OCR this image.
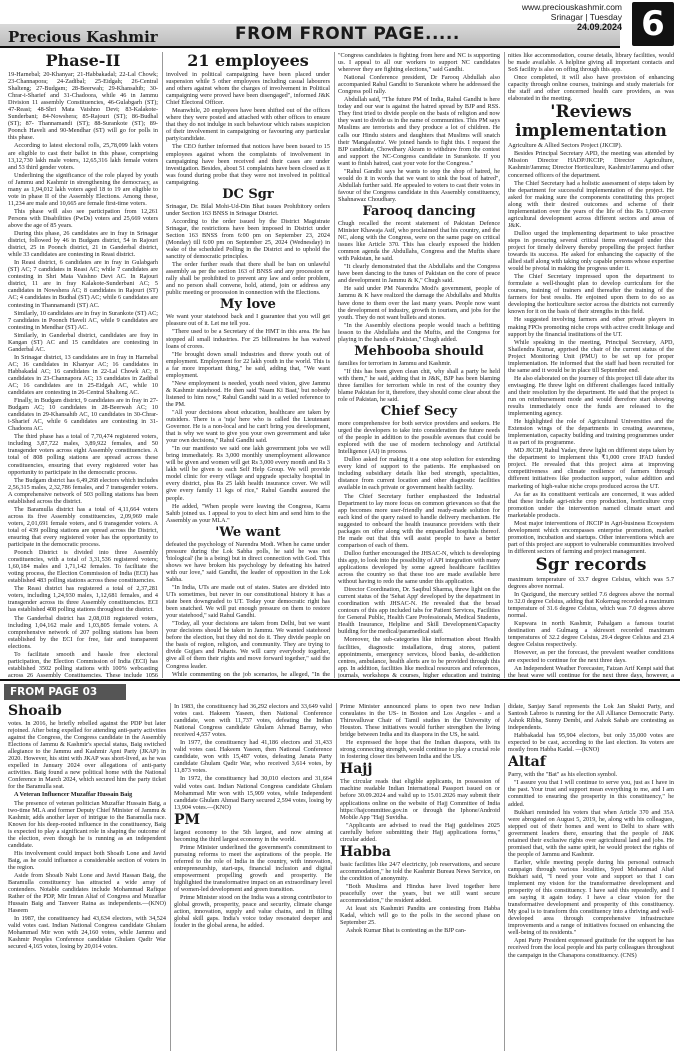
Precious Kashmir	FROM FRONT PAGE.....
www.preciouskashmir.com
Srinagar | Tuesday
24.09.2024 6

Phase-II

19-Harnebal; 20-Khanyar; 21-Habbakadal; 22-Lal Chowk; 23-Channapora; 24-Zadibal; 25-Eidgah; 26-Central Shalteng; 27-Budgam; 28-Beerwah; 29-Khansahib; 30-Chrar-i-Sharief and 31-Chadoora, while 46 in Jammu Division 11 assembly Constituencies, 46-Gulabgarh (ST); 47-Reasi; 48-Shri Mata Vaishno Devi; 83-Kalakote- Sunderbani; 84-Nowshera; 85-Rajouri (ST); 86-Budhal (ST); 87- Thannamandi (ST); 88-Surankote (ST); 89-Poonch Haveli and 90-Mendhar (ST) will go for polls in this phase.

According to latest electoral rolls, 25,78,099 lakh voters are eligible to cast their ballot in this phase, comprising 13,12,730 lakh male voters, 12,65,316 lakh female voters and 53 third gender voters.

Underlining the significance of the role played by youth of Jammu and Kashmir in strengthening the democracy, as many as 1,94,012 lakh voters aged 18 to 19 are eligible to vote in phase II of the Assembly Elections. Among these, 11,234 are male and 10,665 are female first-time voters.

This phase will also see participation from 12,261 Persons with Disabilities (PwDs) voters and 25,669 voters above the age of 85 years.

During this phase, 26 candidates are in fray in Srinagar district, followed by 46 in Budgam district, 54 in Rajouri district, 25 in Poonch district, 21 in Ganderbal district, while 33 candidates are contesting in Reasi district.

In Reasi district, 6 candidates are in fray in Gulabgarh (ST) AC; 7 candidates in Reasi AC; while 7 candidates are contesting in Shri Mata Vaishno Devi AC. In Rajouri district, 11 are in fray Kalakote-Sunderbani AC; 5 candidates in Nowshera AC; 8 candidates in Rajouri (ST) AC; 4 candidates in Budhal (ST) AC; while 6 candidates are contesting in Thannamandi (ST) AC.

Similarly, 10 candidates are in fray in Surankote (ST) AC; 7 candidates in Poonch Haveli AC, while 9 candidates are contesting in Mendhar (ST) AC.

Similarly, in Ganderbal district, candidates are fray in Kangan (ST) AC and 15 candidates are contesting in Ganderbal AC.

In Srinagar district, 13 candidates are in fray in Harnebal AC; 16 candidates in Khanyar AC; 16 candidates in Habbakadal AC; 16 candidates in 22-Lal Chowk AC; 8 candidates in 23-Channapora AC; 13 candidates in Zadibal AC; 16 candidates are in 25-Eidgah AC, while 10 candidates are contesting in 26-Central Shalteng AC.

Finally, in Budgam district, 9 candidates are in fray in 27-Budgam AC; 10 candidates in 28-Beerwah AC; 10 candidates in 29-Khansahib AC, 10 candidates in 30-Chrar-i-Sharief AC, while 6 candidates are contesting in 31-Chadoora AC.

The third phase has a total of 7,70,474 registered voters, including 3,87,722 males, 3,89,922 females, and 50 transgender voters across eight Assembly constituencies. A total of 808 polling stations are spread across these constituencies, ensuring that every registered voter has opportunity to participate in the democratic process.

The Budgam district has 6,49,268 electors which includes 2,56,315 males, 2,32,786 females, and 7 transgender voters. A comprehensive network of 503 polling stations has been established across the district.

The Baramulla district has a total of 4,11,664 voters across its five Assembly constituencies, 2,09,969 male voters, 2,01,691 female voters, and 6 transgender voters. A total of 439 polling stations are spread across the District, ensuring that every registered voter has the opportunity to participate in the democratic process.

Poonch District is divided into three Assembly constituencies, with a total of 3,31,536 registered voters; 1,60,184 males and 1,71,142 females. To facilitate the voting process, the Election Commission of India (ECI) has established 483 polling stations across these constituencies.

The Reasi district has registered a total of 2,37,281 voters, including 1,24,930 males, 1,12,681 females, and 4 transgender across its three Assembly constituencies. ECI has established 408 polling stations throughout the district.

The Ganderbal district has 2,08,018 registered voters, including 1,04,162 male and 1,03,805 female voters. A comprehensive network of 207 polling stations has been established by the ECI for free, fair and transparent elections.

To facilitate smooth and hassle free electoral participation, the Election Commission of India (ECI) has established 3502 polling stations with 100% webcasting across 26 Assembly Constituencies. These include 1056

21 employees

involved in political campaigning have been placed under suspension while 5 other employees including casual labourers and others against whom the charges of involvement in Political campaigning were proved have been disengaged", informed J&K Chief Electoral Officer.

Meanwhile, 20 employees have been shifted out of the offices where they were posted and attached with other offices to ensure that they do not indulge in such behaviour which raises suspicion of their involvement in campaigning or favouring any particular party/candidate.

The CEO further informed that notices have been issued to 15 employees against whom the complaints of involvement in campaigning have been received and their cases are under investigation. Besides, about 51 complaints have been closed as it was found during probe that they were not involved in political campaigning.

DC Sgr

Srinagar, Dr. Bilal Mohi-Ud-Din Bhat issues Prohibitory orders under Section 163 BNSS in Srinagar District.

According to the order issued by the District Magistrate Srinagar, the restrictions have been imposed in District under Section 163 BNSS from 6:00 pm on September 23, 2024 (Monday) till 6:00 pm on September 25, 2024 (Wednesday) in wake of the scheduled Polling in the District and to uphold the sanctity of democratic principles.

The order further reads that there shall be ban on unlawful assembly as per the section 163 of BNSS and any procession or rally shall be prohibited to prevent any law and order problem, and no person shall convene, hold, attend, join or address any public meeting or procession in connection with the Elections.

My love

We want your statehood back and I guarantee that you will get pleasure out of it. Let me tell you.

"There used to be a Secretary of the HMT in this area. He has stopped all small industries. For 25 billionaires he has waived loans of crores.

"He brought down small industries and threw youth out of employment. Employment for 22 lakh youth in the world. This is a far more important thing," he said, adding that, "We want employment.

"New employment is needed, youth need vision, give Jammu & Kashmir statehood. He then said 'Naam Ki Baat,' but nobody listened to him now," Rahul Gandhi said in a veiled reference to the PM.

"All your decisions about education, healthcare are taken by outsiders. There is a 'raja' here who is called the Lieutenant Governor. He is a non-local and he can't bring you development, that is why we want to give you your own government and take your own decisions," Rahul Gandhi said.

"In our manifesto we said one lakh government jobs we will bring immediately. Rs 3,000 monthly unemployment allowance will be given and women will get Rs 3,000 every month and Rs 3 lakh will be given to each Self Help Group. We will provide model clinic for every village and upgrade specialty hospital in every district, plus Rs 25 lakh health insurance cover. We will give every family 11 kgs of rice," Rahul Gandhi assured the people.

He added, "When people were leaving the Congress, Karra Sahib joined us. I appeal to you to elect him and send him to the Assembly as your MLA."

'We want

defeated the psychology of Narendra Modi. When he came under pressure during the Lok Sabha polls, he said he was not 'biological' (he is a being) but in direct connection with God. This shows we have broken his psychology by defeating his hatred with our love," said Gandhi, the leader of opposition in the Lok Sabha.

"In India, UTs are made out of states. States are divided into UTs sometimes, but never in our constitutional history it has a state been downgraded to UT. Today your democratic right has been snatched. We will put enough pressure on them to restore your statehood," said Rahul Gandhi.

"Today, all your decisions are taken from Delhi, but we want your decisions should be taken in Jammu. We wanted statehood before the election, but they did not do it. They divide people on the basis of region, religion, and community. They are trying to divide Gujjars and Paharis. We will carry everybody together, give all of them their rights and move forward together," said the Congress leader.

While commenting on the job scenarios, he alleged, "In the

"Congress candidates is fighting from here and NC is supporting us. I appeal to all our workers to support NC candidates wherever they are fighting elections," said Gandhi.

National Conference president, Dr Farooq Abdullah also accompanied Rahul Gandhi to Surankote where he addressed the Congress poll rally.

Abdullah said, "The future PM of India, Rahul Gandhi is here today and our war is against the hatred spread by BJP and RSS. They first tried to divide people on the basis of religion and now they want to divide us in the name of communities. This PM says Muslims are terrorists and they produce a lot of children. He calls our Hindu sisters and daughters that Muslims will snatch their 'Mangalsutra'. We joined hands to fight this. I request the BJP candidate, Chowdhary Akram to withdraw from the contest and support the NC-Congress candidate in Surankote. If you want to finish hatred, cast your vote for the Congress."

"Rahul Gandhi says he wants to stop the shop of hatred, he would do it in words that we want to sink the boat of hatred", Abdullah further said. He appealed to voters to cast their votes in favour of the Congress candidate in this Assembly constituency, Shahnawaz Choudhary.

Farooq dancing

Chugh recalled the recent statement of Pakistan Defence Minister Khawaja Asif, who proclaimed that his country, and the NC, along with the Congress, were on the same page on critical issues like Article 370. This has clearly exposed the hidden common agenda the Abdullahs, Congress and the Muftis share with Pakistan, he said.

"It clearly demonstrated that the Abdullahs and the Congress have been dancing to the tunes of Pakistan on the core of peace and development in Jammu & K," Chugh said.

He said under PM Narendra Modi's government, people of Jammu & K have realized the damage the Abdullahs and Muftis have done to them over the last many years. People now want the development of industry, growth in tourism, and jobs for the youth. They do not want bullets and stones.

"In the Assembly elections people would teach a befitting lesson to the Abdullahs and the Muftis, and the Congress for playing in the hands of Pakistan," Chugh added.

Mehbooba should

families for terrorism in Jammu and Kashmir.

"If this has been given clean chit, why shall a party be held with them," he said, adding that in J&K, BJP has been blaming three families for terrorism while in rest of the country they blame Pakistan for it, therefore, they should come clear about the role of Pakistan, he said.

Chief Secy

more comprehensive for both service providers and seekers. He urged the developers to take into consideration the future needs of the people in addition to the possible avenues that could be explored with the use of modern technology and Artificial Intelligence (AI) in process.

Dulloo asked for making it a one stop solution for extending every kind of support to the patients. He emphasised on including subsidiary details like bed strength, specialities, distance from current location and other diagnostic facilities available in each private or government health facility.

The Chief Secretary further emphasized the Industrial Department to lay more focus on common grievances so that the app becomes more user-friendly and ready-made solution for each kind of the query raised to handle delivery mechanism. He suggested to onboard the health insurance providers with their packages on offer along with the empanelled hospitals thereof. He made out that this will assist people to have a better comparison of each of them.

Dulloo further encouraged the JHSAC-N, which is developing this app, to look into the possibility of API integration with many applications developed by some agreed healthcare facilities across the country so that these too are made available here without having to redo the same under this application.

Director Coordination, Dr. Saqibul Sharma, threw light on the current status of the 'Sehat App' developed by the department in coordination with JHSAC-N. He revealed that the broad contours of this app included tabs for Patient Services, Facilities for General Public, Health Care Professionals, Medical Students, Health Insurance, Helpline and Skill Development/Capacity building for the medical/paramedical staff.

Moreover, the sub-categories like information about Health facilities, diagnostic installations, drug stores, patient appointments, emergency services, blood banks, de-addiction centres, ambulance, health alerts are to be provided through this app. In addition, facilities like medical resources and references, journals, workshops & courses, higher education and training

nities like accommodation, course details, library facilities, would be made available. A helpline giving all important contacts and SoS facility is also on offing through this app.

Once completed, it will also have provision of enhancing capacity through online courses, trainings and study materials for the staff and other concerned health care providers, as was elaborated in the meeting.

'Reviews implementation

Agriculture & Allied Sectors Project (JKCIP).

Besides Principal Secretary APD, the meeting was attended by Mission Director HADP/JKCIP; Director Agriculture, Kashmir/Jammu; Director Horticulture, Kashmir/Jammu and other concerned officers of the department.

The Chief Secretary had a holistic assessment of steps taken by the department for successful implementation of the project. He asked for making sure the components constituting this project along with their desired outcomes and scheme of their implementation over the years of the life of this Rs 1,000-crore agricultural development across different sectors and areas of J&K.

Dulloo urged the implementing department to take proactive steps in procuring several critical items envisaged under this project for timely delivery thereby propelling the project further towards its success. He asked for enhancing the capacity of the allied staff along with taking only capable persons whose expertise would be pivotal in making the progress under it.

The Chief Secretary impressed upon the department to formulate a well-thought plan to develop curriculum for the courses, training of trainers and thereafter the training of the farmers for best results. He enjoined upon them to do so as developing the horticulture sector across the districts not currently known for it on the basis of their strengths in this field.

He suggested involving farmers and other private players in making FPOs promoting niche crops with active credit linkage and support by the financial institutions of the UT.

While speaking in the meeting, Principal Secretary, APD, Shailendra Kumar, apprised the chair of the current status of the Project Monitoring Unit (PMU) to be set up for proper implementation. He informed that the staff had been recruited for the same and it would be in place till September end.

He also elaborated on the journey of this project till date after its envisaging. He threw light on different challenges faced initially and their resolution by the department. He said that the project is run on reimbursement mode and would therefore start showing results immediately once the funds are released to the implementing agency.

He highlighted the role of Agricultural Universities and the Extension wings of the departments in creating awareness, implementation, capacity building and training programmes under it as part of its programme.

MD JKCIP, Rahul Yadav, threw light on different steps taken by the department to implement this ₹1,000 crore IFAD funded project. He revealed that this project aims at improving competitiveness and climate resilience of farmers through different initiatives like production support, value addition and marketing of high-value niche crops produced across the UT.

As far as its constituent verticals are concerned, it was added that these include agri-niche crop production, horticulture crop promotion under the intervention named climate smart and marketable products.

Most major interventions of JKCIP in Agri-business Ecosystem development which encompasses enterprise promotion, market promotion, incubation and startups. Other interventions which are part of this project are support to vulnerable communities involved in different sectors of farming and project management.

Sgr records

maximum temperature of 33.7 degree Celsius, which was 5.7 degrees above normal.

In Qazigund, the mercury settled 7.6 degrees above the normal to 32.0 degree Celsius, adding that Kokernag recorded a maximum temperature of 31.6 degree Celsius, which was 7.0 degrees above normal.

Kupwara in north Kashmir, Pahalgam a famous tourist destination and Gulmarg a skiresort recorded maximum temperatures of 32.2 degree Celsius, 29.4 degree Celsius and 23.4 degree Celsius respectively.

However, as per the forecast, the prevalent weather conditions are expected to continue for the next three days.

An Independent Weather Forecaster, Faizan Arif Kenpi said that the heat wave will continue for the next three days, however, a

FROM PAGE 03

Shoaib

votes. In 2016, he briefly rebelled against the PDP but later rejoined. After being expelled for attending anti-party activities against the Congress, the Congress candidate in the Assembly Elections of Jammu & Kashmir's special status, Baig switched allegiance to the Jammu and Kashmir Apni Party (JKAP) in 2020. However, his stint with JKAP was short-lived, as he was expelled in January 2024 over allegations of anti-party activities. Baig found a new political home with the National Conference in March 2024, which secured him the party ticket for the Baramulla seat.

A Veteran Influencer Muzaffar Hussain Baig

The presence of veteran politician Muzaffar Hussain Baig, a two-time MLA and former Deputy Chief Minister of Jammu & Kashmir, adds another layer of intrigue to the Baramulla race. Known for his deep-rooted influence in the constituency, Baig is expected to play a significant role in shaping the outcome of the election, even though he is running as an independent candidate.

His involvement could impact both Shoaib Lone and Javid Baig, as he could influence a considerable section of voters in the region.

Aside from Shoaib Nabi Lone and Javid Hassan Baig, the Baramulla constituency has attracted a wide array of contenders. Notable candidates include Mohammad Rafique Rather of the PDP, Mir Imran Altaf of Congress and Muzaffar Hussain Baig and Tanveer Raina as independents.—(KNO) Haseem

In 1987, the constituency had 43,634 electors, with 34,524 valid votes cast. Indian National Congress candidate Ghulam Mohammad Mir won with 24,160 votes, while Jammu and Kashmir Peoples Conference candidate Ghulam Qadir War secured 4,165 votes, losing by 20,014 votes.

In 1983, the constituency had 36,292 electors and 33,649 valid votes cast. Hakeem Yaseen, then National Conference candidate, won with 11,737 votes, defeating the Indian National Congress candidate Ghulam Ahmad Barray, who received 4,557 votes.

In 1977, the constituency had 41,186 electors and 31,433 valid votes cast. Hakeem Yaseen, then National Conference candidate, won with 15,487 votes, defeating Janata Party candidate Ghulam Qadir War, who received 3,614 votes, by 11,873 votes.

In 1972, the constituency had 30,010 electors and 31,664 valid votes cast. Indian National Congress candidate Ghulam Mohammad Mir won with 15,909 votes, while Independent candidate Ghulam Ahmad Barry secured 2,594 votes, losing by 13,904 votes.—(KNO)

PM

largest economy to the 5th largest, and now aiming at becoming the third largest economy in the world.

Prime Minister underlined the government's commitment to pursuing reforms to meet the aspirations of the people. He referred to the role of India in the country, with innovation, entrepreneurship, start-ups, financial inclusion and digital empowerment propelling growth and prosperity. He highlighted the transformative impact on an extraordinary level of women-led development and green transition.

Prime Minister stood on the India was a strong contributor to global growth, prosperity, peace and security, climate change action, innovation, supply and value chains, and in filling global skill gaps. India's voice today resonated deeper and louder in the global arena, he added.

Prime Minister announced plans to open two new Indian consulates in the US- in Boston and Los Angeles - and a Thiruvalluvar Chair of Tamil studies in the University of Houston. These initiatives would further strengthen the living bridge between India and its diaspora in the US, he said.

He expressed the hope that the Indian diaspora, with its strong connecting strength, would continue to play a crucial role in fostering closer ties between India and the US.

Hajj

The circular reads that eligible applicants, in possession of machine readable Indian International Passport issued on or before 30.09.2024 and valid up to 15.01.2026 may submit their applications online on the website of Hajj Committee of India https://hajcommittee.gov.in or through the Iphone/Android Mobile App "Hajj Suvidha.

"Applicants are advised to read the Hajj guidelines 2025 carefully before submitting their Hajj applications forms," circular added.

Habba

basic facilities like 24/7 electricity, job reservations, and secure accommodation," he told the Kashmir Bureau News Service, on the condition of anonymity.

"Both Muslims and Hindus have lived together here peacefully over the years, but we still want secure accommodation," the resident added.

At least six Kashmiri Pandits are contesting from Habba Kadal, which will go to the polls in the second phase on September 25.

Ashok Kumar Bhat is contesting as the BJP can-

didate, Sanjay Saraf represents the Lok Jan Shakti Party, and Santosh Labroo is running for the All Alliance Democratic Party. Ashok Ribha, Sunny Dembi, and Ashok Sahab are contesting as independents.

Habbakadal has 95,904 electors, but only 35,000 votes are expected to be cast, according to the last election. Its voters are mostly from Habba Kadal. —(KNO)

Altaf

Parry, with the "Bat" as his election symbol.

"I assure you that I will continue to serve you, just as I have in the past. Your trust and support mean everything to me, and I am committed to ensuring the prosperity in this constituency," he added.

Bukhari reminded his voters that when Article 370 and 35A were abrogated on August 5, 2019, he, along with his colleagues, stepped out of their homes and went to Delhi to share with government leaders there, ensuring that the people of J&K retained their exclusive rights over agricultural land and jobs. He promised that, with the same spirit, he would protect the rights of the people of Jammu and Kashmir.

Earlier, while meeting people during his personal outreach campaign through various localities, Syed Mohammad Altaf Bukhari said, "I need your vote and support so that I can implement my vision for the transformative development and prosperity of this constituency. I have said this repeatedly, and I am saying it again today. I have a clear vision for the transformative development and prosperity of this constituency. My goal is to transform this constituency into a thriving and well-developed area through comprehensive infrastructure improvements and a range of initiatives focused on enhancing the well-being of its residents."

Apni Party President expressed gratitude for the support he has received from the local people and his party colleagues throughout the campaign in the Chanapora constituency. (CNS)
